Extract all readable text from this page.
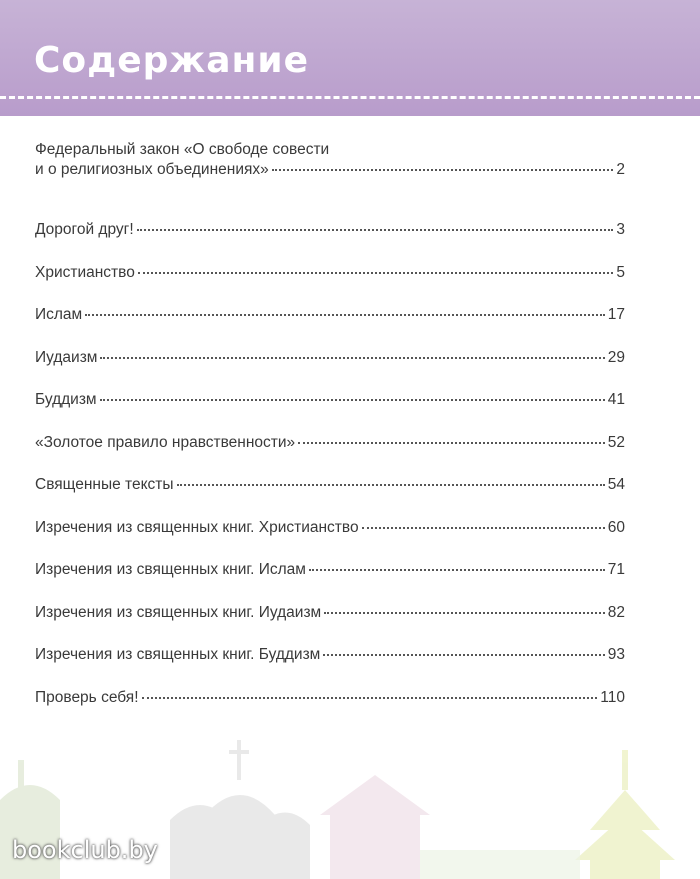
Содержание
Федеральный закон «О свободе совести
и о религиозных объединениях»	2
Дорогой друг!	3
Христианство	5
Ислам	17
Иудаизм	29
Буддизм	41
«Золотое правило нравственности»	52
Священные тексты	54
Изречения из священных книг. Христианство	60
Изречения из священных книг. Ислам	71
Изречения из священных книг. Иудаизм	82
Изречения из священных книг. Буддизм	93
Проверь себя!	110
bookclub.by
